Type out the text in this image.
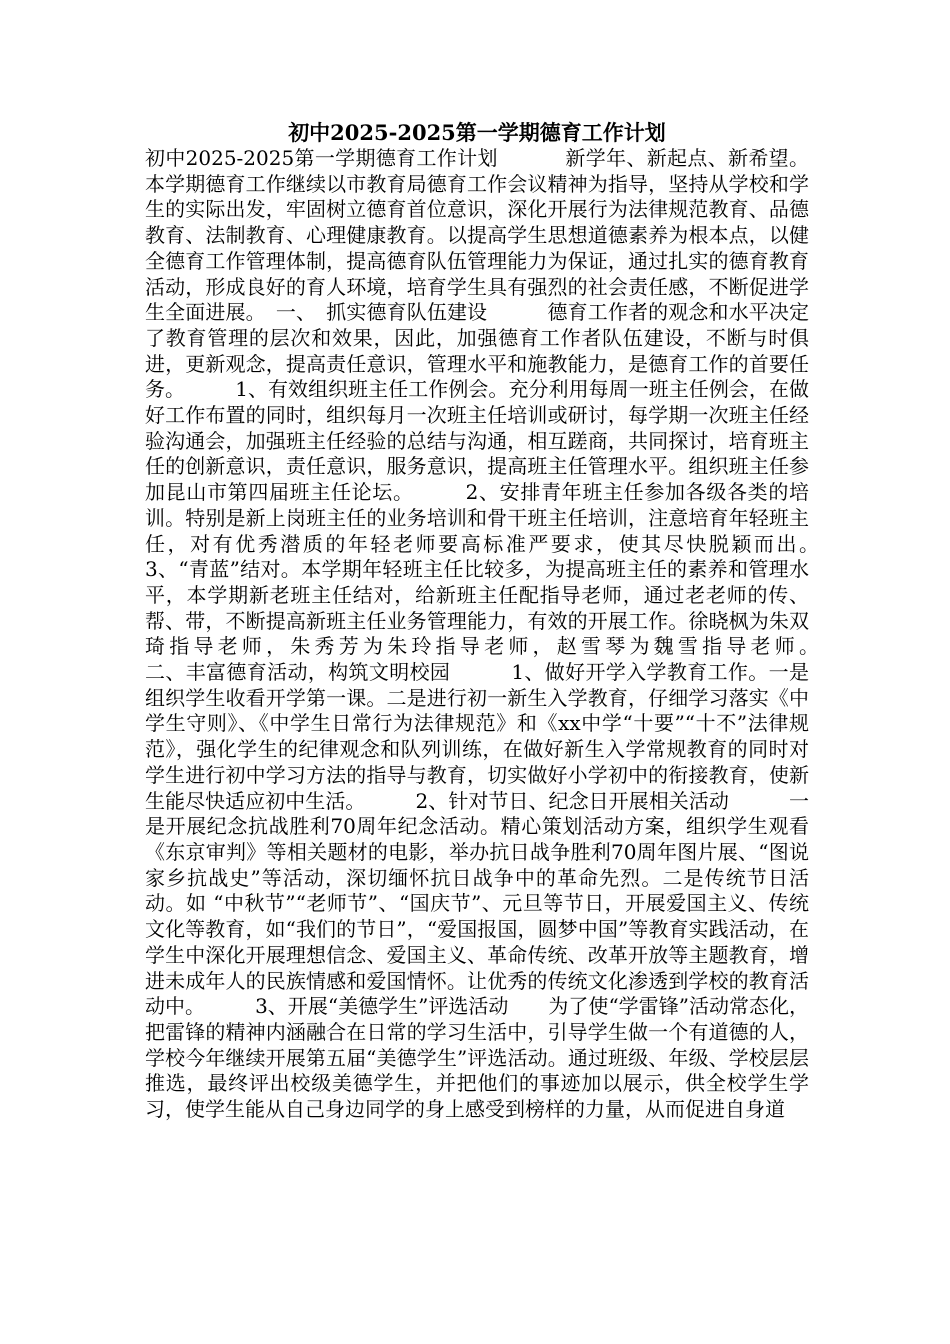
初中2025-2025第一学期德育工作计划

初中2025-2025第一学期德育工作计划 　　　新学年、新起点、新希望。本学期德育工作继续以市教育局德育工作会议精神为指导，坚持从学校和学生的实际出发，牢固树立德育首位意识，深化开展行为法律规范教育、品德教育、法制教育、心理健康教育。以提高学生思想道德素养为根本点，以健全德育工作管理体制，提高德育队伍管理能力为保证，通过扎实的德育教育活动，形成良好的育人环境，培育学生具有强烈的社会责任感，不断促进学生全面进展。　一、　抓实德育队伍建设　　　德育工作者的观念和水平决定了教育管理的层次和效果，因此，加强德育工作者队伍建设，不断与时俱进，更新观念，提高责任意识，管理水平和施教能力，是德育工作的首要任务。　　　1、有效组织班主任工作例会。充分利用每周一班主任例会，在做好工作布置的同时，组织每月一次班主任培训或研讨，每学期一次班主任经验沟通会，加强班主任经验的总结与沟通，相互蹉商，共同探讨，培育班主任的创新意识，责任意识，服务意识，提高班主任管理水平。组织班主任参加昆山市第四届班主任论坛。　　　2、安排青年班主任参加各级各类的培训。特别是新上岗班主任的业务培训和骨干班主任培训，注意培育年轻班主任，对有优秀潜质的年轻老师要高标准严要求，使其尽快脱颖而出。　　3、“青蓝”结对。本学期年轻班主任比较多，为提高班主任的素养和管理水平，本学期新老班主任结对，给新班主任配指导老师，通过老老师的传、帮、带，不断提高新班主任业务管理能力，有效的开展工作。徐晓枫为朱双琦指导老师，朱秀芳为朱玲指导老师，赵雪琴为魏雪指导老师。　　　　　　二、丰富德育活动，构筑文明校园　　　1、做好开学入学教育工作。一是组织学生收看开学第一课。二是进行初一新生入学教育，仔细学习落实《中学生守则》、《中学生日常行为法律规范》和《xx中学“十要”“十不”法律规范》，强化学生的纪律观念和队列训练，在做好新生入学常规教育的同时对学生进行初中学习方法的指导与教育，切实做好小学初中的衔接教育，使新生能尽快适应初中生活。　　　2、针对节日、纪念日开展相关活动　　　一是开展纪念抗战胜利70周年纪念活动。精心策划活动方案，组织学生观看《东京审判》等相关题材的电影，举办抗日战争胜利70周年图片展、“图说家乡抗战史”等活动，深切缅怀抗日战争中的革命先烈。二是传统节日活动。如 “中秋节”“老师节”、“国庆节”、元旦等节日，开展爱国主义、传统文化等教育，如“我们的节日”，“爱国报国，圆梦中国”等教育实践活动，在学生中深化开展理想信念、爱国主义、革命传统、改革开放等主题教育，增进未成年人的民族情感和爱国情怀。让优秀的传统文化渗透到学校的教育活动中。　　　3、开展“美德学生”评选活动　　为了使“学雷锋”活动常态化，把雷锋的精神内涵融合在日常的学习生活中，引导学生做一个有道德的人，学校今年继续开展第五届“美德学生”评选活动。通过班级、年级、学校层层推选，最终评出校级美德学生，并把他们的事迹加以展示，供全校学生学习，使学生能从自己身边同学的身上感受到榜样的力量，从而促进自身道
